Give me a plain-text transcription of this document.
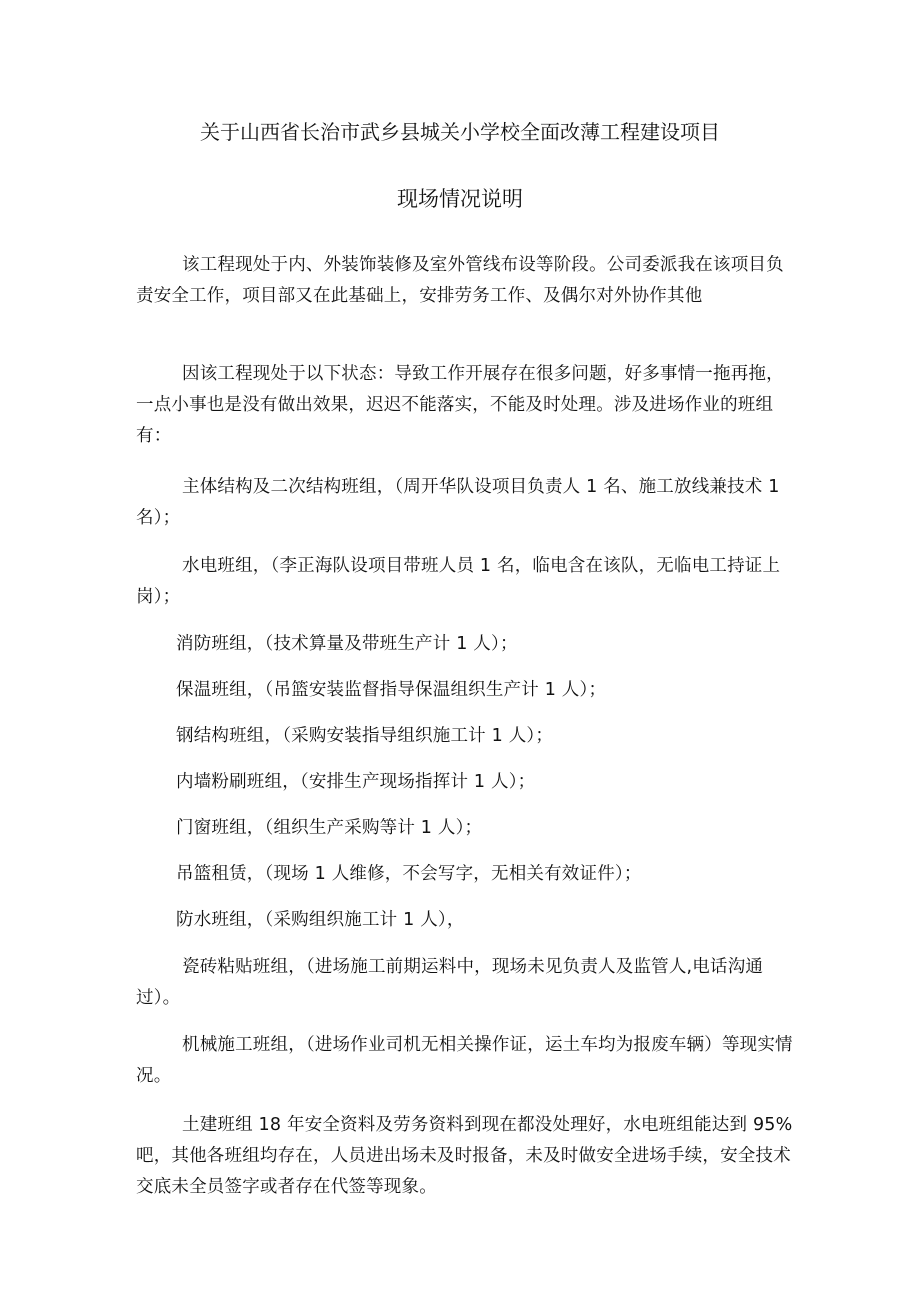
关于山西省长治市武乡县城关小学校全面改薄工程建设项目
现场情况说明

该工程现处于内、外装饰装修及室外管线布设等阶段。公司委派我在该项目负责安全工作，项目部又在此基础上，安排劳务工作、及偶尔对外协作其他

因该工程现处于以下状态：导致工作开展存在很多问题，好多事情一拖再拖，一点小事也是没有做出效果，迟迟不能落实，不能及时处理。涉及进场作业的班组有：

主体结构及二次结构班组，（周开华队设项目负责人 1 名、施工放线兼技术 1 名）；

水电班组，（李正海队设项目带班人员 1 名，临电含在该队，无临电工持证上岗）；

消防班组，（技术算量及带班生产计 1 人）；

保温班组，（吊篮安装监督指导保温组织生产计 1 人）；

钢结构班组，（采购安装指导组织施工计 1 人）；

内墙粉刷班组，（安排生产现场指挥计 1 人）；

门窗班组，（组织生产采购等计 1 人）；

吊篮租赁，（现场 1 人维修，不会写字，无相关有效证件）；

防水班组，（采购组织施工计 1 人），

瓷砖粘贴班组，（进场施工前期运料中，现场未见负责人及监管人,电话沟通过）。

机械施工班组，（进场作业司机无相关操作证，运土车均为报废车辆）等现实情况。

土建班组 18 年安全资料及劳务资料到现在都没处理好，水电班组能达到 95%吧，其他各班组均存在，人员进出场未及时报备，未及时做安全进场手续，安全技术交底未全员签字或者存在代签等现象。
